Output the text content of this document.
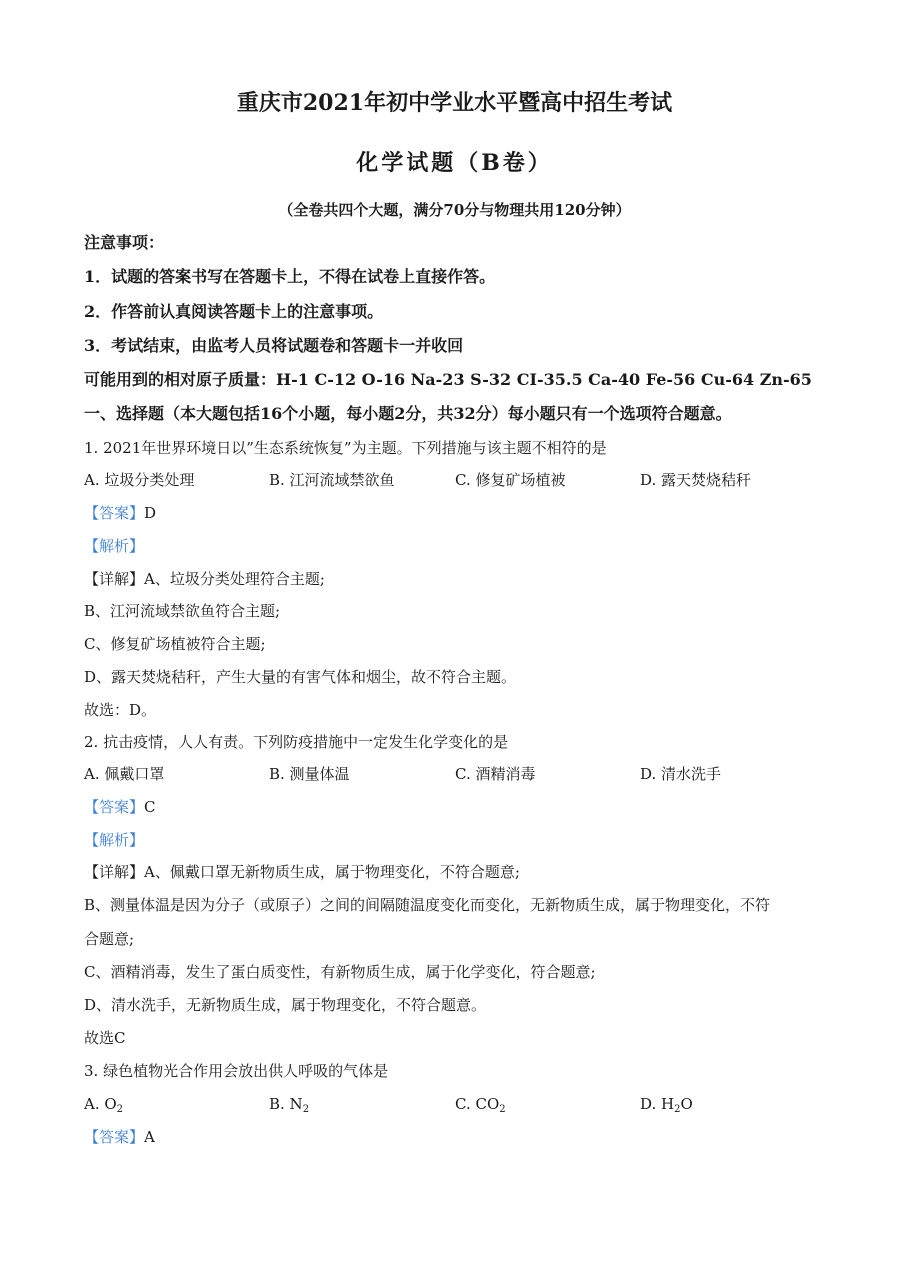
重庆市2021年初中学业水平暨高中招生考试
化学试题（B卷）
（全卷共四个大题，满分70分与物理共用120分钟）
注意事项：
1．试题的答案书写在答题卡上，不得在试卷上直接作答。
2．作答前认真阅读答题卡上的注意事项。
3．考试结束，由监考人员将试题卷和答题卡一并收回
可能用到的相对原子质量：H-1 C-12 O-16 Na-23 S-32 CI-35.5 Ca-40 Fe-56 Cu-64 Zn-65
一、选择题（本大题包括16个小题，每小题2分，共32分）每小题只有一个选项符合题意。
1. 2021年世界环境日以”生态系统恢复”为主题。下列措施与该主题不相符的是
A. 垃圾分类处理	B. 江河流域禁欲鱼	C. 修复矿场植被	D. 露天焚烧秸秆
【答案】D
【解析】
【详解】A、垃圾分类处理符合主题;
B、江河流域禁欲鱼符合主题;
C、修复矿场植被符合主题;
D、露天焚烧秸秆，产生大量的有害气体和烟尘，故不符合主题。
故选：D。
2. 抗击疫情，人人有责。下列防疫措施中一定发生化学变化的是
A. 佩戴口罩	B. 测量体温	C. 酒精消毒	D. 清水洗手
【答案】C
【解析】
【详解】A、佩戴口罩无新物质生成，属于物理变化，不符合题意;
B、测量体温是因为分子（或原子）之间的间隔随温度变化而变化，无新物质生成，属于物理变化，不符
合题意;
C、酒精消毒，发生了蛋白质变性，有新物质生成，属于化学变化，符合题意;
D、清水洗手，无新物质生成，属于物理变化，不符合题意。
故选C
3. 绿色植物光合作用会放出供人呼吸的气体是
A. $O_2$	B. $N_2$	C. $CO_2$	D. $H_2O$
【答案】A
